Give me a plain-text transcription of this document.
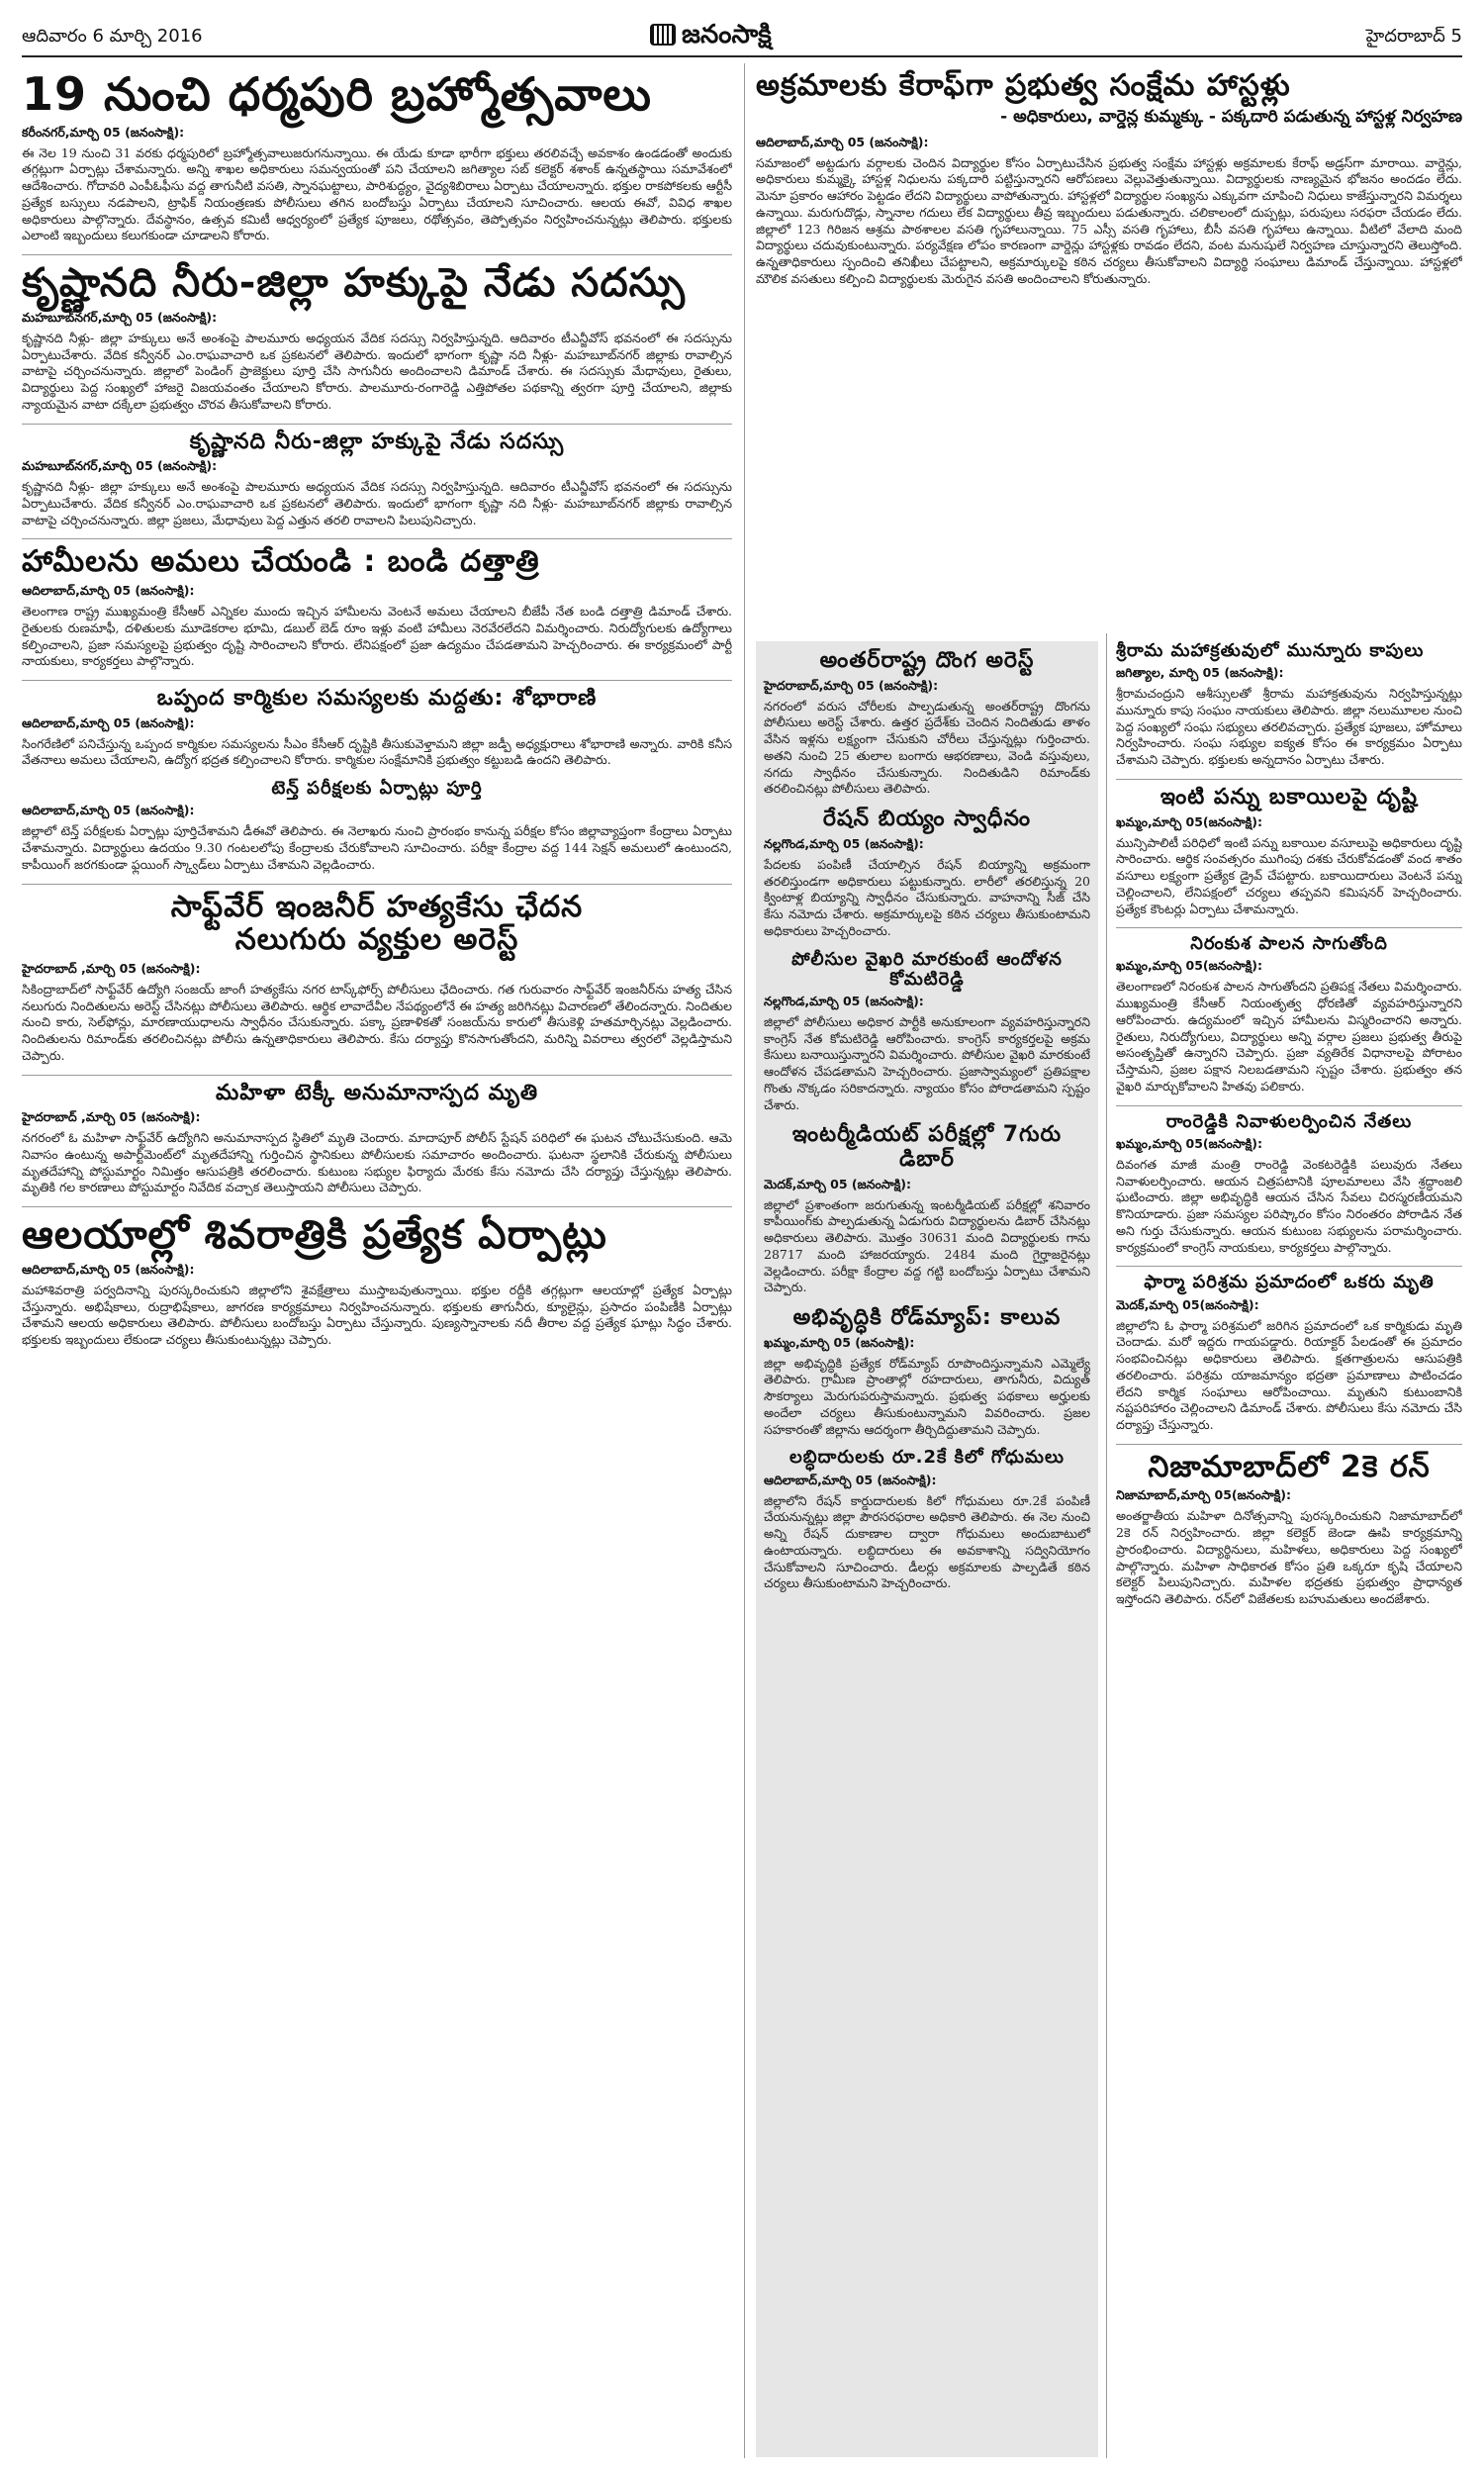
ఆదివారం 6 మార్చి 2016	జనంసాక్షి	హైదరాబాద్ 5
19 నుంచి ధర్మపురి బ్రహ్మోత్సవాలు
కరీంనగర్,మార్చి 05 (జనంసాక్షి):
ఈ నెల 19 నుంచి 31 వరకు ధర్మపురిలో బ్రహ్మోత్సవాలుజరుగనున్నాయి. ఈ యేడు కూడా భారీగా భక్తులు తరలివచ్చే అవకాశం ఉండడంతో అందుకు తగ్గట్లుగా ఏర్పాట్లు చేశామన్నారు. అన్ని శాఖల అధికారులు సమన్వయంతో పని చేయాలని జగిత్యాల సబ్ కలెక్టర్ శశాంక్ ఉన్నతస్థాయి సమావేశంలో ఆదేశించారు. గోదావరి ఎంపీఓఫీసు వద్ద తాగునీటి వసతి, స్నానఘట్టాలు, పారిశుద్ధ్యం, వైద్యశిబిరాలు ఏర్పాటు చేయాలన్నారు. భక్తుల రాకపోకలకు ఆర్టీసీ ప్రత్యేక బస్సులు నడపాలని, ట్రాఫిక్ నియంత్రణకు పోలీసులు తగిన బందోబస్తు ఏర్పాటు చేయాలని సూచించారు. ఆలయ ఈవో, వివిధ శాఖల అధికారులు పాల్గొన్నారు. దేవస్థానం, ఉత్సవ కమిటీ ఆధ్వర్యంలో ప్రత్యేక పూజలు, రథోత్సవం, తెప్పోత్సవం నిర్వహించనున్నట్లు తెలిపారు. భక్తులకు ఎలాంటి ఇబ్బందులు కలుగకుండా చూడాలని కోరారు.
కృష్ణానది నీరు-జిల్లా హక్కుపై నేడు సదస్సు
మహబూబ్‌నగర్,మార్చి 05 (జనంసాక్షి):
కృష్ణానది నీళ్లు- జిల్లా హక్కులు అనే అంశంపై పాలమూరు అధ్యయన వేదిక సదస్సు నిర్వహిస్తున్నది. ఆదివారం టీఎన్జీవోస్ భవనంలో ఈ సదస్సును ఏర్పాటుచేశారు. వేదిక కన్వీనర్ ఎం.రాఘవాచారి ఒక ప్రకటనలో తెలిపారు. ఇందులో భాగంగా కృష్ణా నది నీళ్లు- మహబూబ్‌నగర్ జిల్లాకు రావాల్సిన వాటాపై చర్చించనున్నారు. జిల్లాలో పెండింగ్ ప్రాజెక్టులు పూర్తి చేసి సాగునీరు అందించాలని డిమాండ్ చేశారు. ఈ సదస్సుకు మేధావులు, రైతులు, విద్యార్థులు పెద్ద సంఖ్యలో హాజరై విజయవంతం చేయాలని కోరారు. పాలమూరు-రంగారెడ్డి ఎత్తిపోతల పథకాన్ని త్వరగా పూర్తి చేయాలని, జిల్లాకు న్యాయమైన వాటా దక్కేలా ప్రభుత్వం చొరవ తీసుకోవాలని కోరారు.
కృష్ణానది నీరు-జిల్లా హక్కుపై నేడు సదస్సు
మహబూబ్‌నగర్,మార్చి 05 (జనంసాక్షి):
కృష్ణానది నీళ్లు- జిల్లా హక్కులు అనే అంశంపై పాలమూరు అధ్యయన వేదిక సదస్సు నిర్వహిస్తున్నది. ఆదివారం టీఎన్జీవోస్ భవనంలో ఈ సదస్సును ఏర్పాటుచేశారు. వేదిక కన్వీనర్ ఎం.రాఘవాచారి ఒక ప్రకటనలో తెలిపారు. ఇందులో భాగంగా కృష్ణా నది నీళ్లు- మహబూబ్‌నగర్ జిల్లాకు రావాల్సిన వాటాపై చర్చించనున్నారు. జిల్లా ప్రజలు, మేధావులు పెద్ద ఎత్తున తరలి రావాలని పిలుపునిచ్చారు.
హామీలను అమలు చేయండి : బండి దత్తాత్రి
ఆదిలాబాద్,మార్చి 05 (జనంసాక్షి):
తెలంగాణ రాష్ట్ర ముఖ్యమంత్రి కేసీఆర్ ఎన్నికల ముందు ఇచ్చిన హామీలను వెంటనే అమలు చేయాలని బీజేపీ నేత బండి దత్తాత్రి డిమాండ్ చేశారు. రైతులకు రుణమాఫీ, దళితులకు మూడెకరాల భూమి, డబుల్ బెడ్ రూం ఇళ్లు వంటి హామీలు నెరవేరలేదని విమర్శించారు. నిరుద్యోగులకు ఉద్యోగాలు కల్పించాలని, ప్రజా సమస్యలపై ప్రభుత్వం దృష్టి సారించాలని కోరారు. లేనిపక్షంలో ప్రజా ఉద్యమం చేపడతామని హెచ్చరించారు. ఈ కార్యక్రమంలో పార్టీ నాయకులు, కార్యకర్తలు పాల్గొన్నారు.
ఒప్పంద కార్మికుల సమస్యలకు మద్దతు: శోభారాణి
ఆదిలాబాద్,మార్చి 05 (జనంసాక్షి):
సింగరేణిలో పనిచేస్తున్న ఒప్పంద కార్మికుల సమస్యలను సీఎం కేసీఆర్ దృష్టికి తీసుకువెళ్తామని జిల్లా జడ్పీ అధ్యక్షురాలు శోభారాణి అన్నారు. వారికి కనీస వేతనాలు అమలు చేయాలని, ఉద్యోగ భద్రత కల్పించాలని కోరారు. కార్మికుల సంక్షేమానికి ప్రభుత్వం కట్టుబడి ఉందని తెలిపారు.
టెన్త్ పరీక్షలకు ఏర్పాట్లు పూర్తి
ఆదిలాబాద్,మార్చి 05 (జనంసాక్షి):
జిల్లాలో టెన్త్ పరీక్షలకు ఏర్పాట్లు పూర్తిచేశామని డీఈవో తెలిపారు. ఈ నెలాఖరు నుంచి ప్రారంభం కానున్న పరీక్షల కోసం జిల్లావ్యాప్తంగా కేంద్రాలు ఏర్పాటు చేశామన్నారు. విద్యార్థులు ఉదయం 9.30 గంటలలోపు కేంద్రాలకు చేరుకోవాలని సూచించారు. పరీక్షా కేంద్రాల వద్ద 144 సెక్షన్ అమలులో ఉంటుందని, కాపీయింగ్ జరగకుండా ఫ్లయింగ్ స్క్వాడ్‌లు ఏర్పాటు చేశామని వెల్లడించారు.
సాఫ్ట్‌వేర్ ఇంజనీర్ హత్యకేసు ఛేదన
నలుగురు వ్యక్తుల అరెస్ట్
హైదరాబాద్ ,మార్చి 05 (జనంసాక్షి):
సికింద్రాబాద్‌లో సాఫ్ట్‌వేర్ ఉద్యోగి సంజయ్ జాంగీ హత్యకేసు నగర టాస్క్‌ఫోర్స్ పోలీసులు ఛేదించారు. గత గురువారం సాఫ్ట్‌వేర్ ఇంజనీర్‌ను హత్య చేసిన నలుగురు నిందితులను అరెస్ట్ చేసినట్లు పోలీసులు తెలిపారు. ఆర్థిక లావాదేవీల నేపథ్యంలోనే ఈ హత్య జరిగినట్లు విచారణలో తేలిందన్నారు. నిందితుల నుంచి కారు, సెల్‌ఫోన్లు, మారణాయుధాలను స్వాధీనం చేసుకున్నారు. పక్కా ప్రణాళికతో సంజయ్‌ను కారులో తీసుకెళ్లి హతమార్చినట్లు వెల్లడించారు. నిందితులను రిమాండ్‌కు తరలించినట్లు పోలీసు ఉన్నతాధికారులు తెలిపారు. కేసు దర్యాప్తు కొనసాగుతోందని, మరిన్ని వివరాలు త్వరలో వెల్లడిస్తామని చెప్పారు.
మహిళా టెక్కీ అనుమానాస్పద మృతి
హైదరాబాద్ ,మార్చి 05 (జనంసాక్షి):
నగరంలో ఓ మహిళా సాఫ్ట్‌వేర్ ఉద్యోగిని అనుమానాస్పద స్థితిలో మృతి చెందారు. మాదాపూర్ పోలీస్ స్టేషన్ పరిధిలో ఈ ఘటన చోటుచేసుకుంది. ఆమె నివాసం ఉంటున్న అపార్ట్‌మెంట్‌లో మృతదేహాన్ని గుర్తించిన స్థానికులు పోలీసులకు సమాచారం అందించారు. ఘటనా స్థలానికి చేరుకున్న పోలీసులు మృతదేహాన్ని పోస్టుమార్టం నిమిత్తం ఆసుపత్రికి తరలించారు. కుటుంబ సభ్యుల ఫిర్యాదు మేరకు కేసు నమోదు చేసి దర్యాప్తు చేస్తున్నట్లు తెలిపారు. మృతికి గల కారణాలు పోస్టుమార్టం నివేదిక వచ్చాక తెలుస్తాయని పోలీసులు చెప్పారు.
ఆలయాల్లో శివరాత్రికి ప్రత్యేక ఏర్పాట్లు
ఆదిలాబాద్,మార్చి 05 (జనంసాక్షి):
మహాశివరాత్రి పర్వదినాన్ని పురస్కరించుకుని జిల్లాలోని శైవక్షేత్రాలు ముస్తాబవుతున్నాయి. భక్తుల రద్దీకి తగ్గట్లుగా ఆలయాల్లో ప్రత్యేక ఏర్పాట్లు చేస్తున్నారు. అభిషేకాలు, రుద్రాభిషేకాలు, జాగరణ కార్యక్రమాలు నిర్వహించనున్నారు. భక్తులకు తాగునీరు, క్యూలైన్లు, ప్రసాదం పంపిణీకి ఏర్పాట్లు చేశామని ఆలయ అధికారులు తెలిపారు. పోలీసులు బందోబస్తు ఏర్పాటు చేస్తున్నారు. పుణ్యస్నానాలకు నదీ తీరాల వద్ద ప్రత్యేక ఘాట్లు సిద్ధం చేశారు. భక్తులకు ఇబ్బందులు లేకుండా చర్యలు తీసుకుంటున్నట్లు చెప్పారు.
అక్రమాలకు కేరాఫ్‌గా ప్రభుత్వ సంక్షేమ హాస్టళ్లు
- అధికారులు, వార్డెన్ల కుమ్మక్కు - పక్కదారి పడుతున్న హాస్టళ్ల నిర్వహణ
ఆదిలాబాద్,మార్చి 05 (జనంసాక్షి):
సమాజంలో అట్టడుగు వర్గాలకు చెందిన విద్యార్థుల కోసం ఏర్పాటుచేసిన ప్రభుత్వ సంక్షేమ హాస్టళ్లు అక్రమాలకు కేరాఫ్ అడ్రస్‌గా మారాయి. వార్డెన్లు, అధికారులు కుమ్మక్కై హాస్టళ్ల నిధులను పక్కదారి పట్టిస్తున్నారని ఆరోపణలు వెల్లువెత్తుతున్నాయి. విద్యార్థులకు నాణ్యమైన భోజనం అందడం లేదు. మెనూ ప్రకారం ఆహారం పెట్టడం లేదని విద్యార్థులు వాపోతున్నారు. హాస్టళ్లలో విద్యార్థుల సంఖ్యను ఎక్కువగా చూపించి నిధులు కాజేస్తున్నారని విమర్శలు ఉన్నాయి. మరుగుదొడ్లు, స్నానాల గదులు లేక విద్యార్థులు తీవ్ర ఇబ్బందులు పడుతున్నారు. చలికాలంలో దుప్పట్లు, పరుపులు సరఫరా చేయడం లేదు. జిల్లాలో 123 గిరిజన ఆశ్రమ పాఠశాలల వసతి గృహాలున్నాయి. 75 ఎస్సీ వసతి గృహాలు, బీసీ వసతి గృహాలు ఉన్నాయి. వీటిలో వేలాది మంది విద్యార్థులు చదువుకుంటున్నారు. పర్యవేక్షణ లోపం కారణంగా వార్డెన్లు హాస్టళ్లకు రావడం లేదని, వంట మనుషులే నిర్వహణ చూస్తున్నారని తెలుస్తోంది. ఉన్నతాధికారులు స్పందించి తనిఖీలు చేపట్టాలని, అక్రమార్కులపై కఠిన చర్యలు తీసుకోవాలని విద్యార్థి సంఘాలు డిమాండ్ చేస్తున్నాయి. హాస్టళ్లలో మౌలిక వసతులు కల్పించి విద్యార్థులకు మెరుగైన వసతి అందించాలని కోరుతున్నారు.
అంతర్‌రాష్ట్ర దొంగ అరెస్ట్
హైదరాబాద్,మార్చి 05 (జనంసాక్షి):
నగరంలో వరుస చోరీలకు పాల్పడుతున్న అంతర్‌రాష్ట్ర దొంగను పోలీసులు అరెస్ట్ చేశారు. ఉత్తర ప్రదేశ్‌కు చెందిన నిందితుడు తాళం వేసిన ఇళ్లను లక్ష్యంగా చేసుకుని చోరీలు చేస్తున్నట్లు గుర్తించారు. అతని నుంచి 25 తులాల బంగారు ఆభరణాలు, వెండి వస్తువులు, నగదు స్వాధీనం చేసుకున్నారు. నిందితుడిని రిమాండ్‌కు తరలించినట్లు పోలీసులు తెలిపారు.
రేషన్ బియ్యం స్వాధీనం
నల్లగొండ,మార్చి 05 (జనంసాక్షి):
పేదలకు పంపిణీ చేయాల్సిన రేషన్ బియ్యాన్ని అక్రమంగా తరలిస్తుండగా అధికారులు పట్టుకున్నారు. లారీలో తరలిస్తున్న 20 క్వింటాళ్ల బియ్యాన్ని స్వాధీనం చేసుకున్నారు. వాహనాన్ని సీజ్ చేసి కేసు నమోదు చేశారు. అక్రమార్కులపై కఠిన చర్యలు తీసుకుంటామని అధికారులు హెచ్చరించారు.
పోలీసుల వైఖరి మారకుంటే ఆందోళన కోమటిరెడ్డి
నల్లగొండ,మార్చి 05 (జనంసాక్షి):
జిల్లాలో పోలీసులు అధికార పార్టీకి అనుకూలంగా వ్యవహరిస్తున్నారని కాంగ్రెస్ నేత కోమటిరెడ్డి ఆరోపించారు. కాంగ్రెస్ కార్యకర్తలపై అక్రమ కేసులు బనాయిస్తున్నారని విమర్శించారు. పోలీసుల వైఖరి మారకుంటే ఆందోళన చేపడతామని హెచ్చరించారు. ప్రజాస్వామ్యంలో ప్రతిపక్షాల గొంతు నొక్కడం సరికాదన్నారు. న్యాయం కోసం పోరాడతామని స్పష్టం చేశారు.
ఇంటర్మీడియట్ పరీక్షల్లో 7గురు డిబార్
మెదక్,మార్చి 05 (జనంసాక్షి):
జిల్లాలో ప్రశాంతంగా జరుగుతున్న ఇంటర్మీడియట్ పరీక్షల్లో శనివారం కాపీయింగ్‌కు పాల్పడుతున్న ఏడుగురు విద్యార్థులను డిబార్ చేసినట్లు అధికారులు తెలిపారు. మొత్తం 30631 మంది విద్యార్థులకు గాను 28717 మంది హాజరయ్యారు. 2484 మంది గైర్హాజరైనట్లు వెల్లడించారు. పరీక్షా కేంద్రాల వద్ద గట్టి బందోబస్తు ఏర్పాటు చేశామని చెప్పారు.
అభివృద్ధికి రోడ్‌మ్యాప్: కాలువ
ఖమ్మం,మార్చి 05 (జనంసాక్షి):
జిల్లా అభివృద్ధికి ప్రత్యేక రోడ్‌మ్యాప్ రూపొందిస్తున్నామని ఎమ్మెల్యే తెలిపారు. గ్రామీణ ప్రాంతాల్లో రహదారులు, తాగునీరు, విద్యుత్ సౌకర్యాలు మెరుగుపరుస్తామన్నారు. ప్రభుత్వ పథకాలు అర్హులకు అందేలా చర్యలు తీసుకుంటున్నామని వివరించారు. ప్రజల సహకారంతో జిల్లాను ఆదర్శంగా తీర్చిదిద్దుతామని చెప్పారు.
లబ్ధిదారులకు రూ.2కే కిలో గోధుమలు
ఆదిలాబాద్,మార్చి 05 (జనంసాక్షి):
జిల్లాలోని రేషన్ కార్డుదారులకు కిలో గోధుమలు రూ.2కే పంపిణీ చేయనున్నట్లు జిల్లా పౌరసరఫరాల అధికారి తెలిపారు. ఈ నెల నుంచి అన్ని రేషన్ దుకాణాల ద్వారా గోధుమలు అందుబాటులో ఉంటాయన్నారు. లబ్ధిదారులు ఈ అవకాశాన్ని సద్వినియోగం చేసుకోవాలని సూచించారు. డీలర్లు అక్రమాలకు పాల్పడితే కఠిన చర్యలు తీసుకుంటామని హెచ్చరించారు.
శ్రీరామ మహాక్రతువులో మున్నూరు కాపులు
జగిత్యాల, మార్చి 05 (జనంసాక్షి):
శ్రీరామచంద్రుని ఆశీస్సులతో శ్రీరామ మహాక్రతువును నిర్వహిస్తున్నట్లు మున్నూరు కాపు సంఘం నాయకులు తెలిపారు. జిల్లా నలుమూలల నుంచి పెద్ద సంఖ్యలో సంఘ సభ్యులు తరలివచ్చారు. ప్రత్యేక పూజలు, హోమాలు నిర్వహించారు. సంఘ సభ్యుల ఐక్యత కోసం ఈ కార్యక్రమం ఏర్పాటు చేశామని చెప్పారు. భక్తులకు అన్నదానం ఏర్పాటు చేశారు.
ఇంటి పన్ను బకాయిలపై దృష్టి
ఖమ్మం,మార్చి 05(జనంసాక్షి):
మున్సిపాలిటీ పరిధిలో ఇంటి పన్ను బకాయిల వసూలుపై అధికారులు దృష్టి సారించారు. ఆర్థిక సంవత్సరం ముగింపు దశకు చేరుకోవడంతో వంద శాతం వసూలు లక్ష్యంగా ప్రత్యేక డ్రైవ్ చేపట్టారు. బకాయిదారులు వెంటనే పన్ను చెల్లించాలని, లేనిపక్షంలో చర్యలు తప్పవని కమిషనర్ హెచ్చరించారు. ప్రత్యేక కౌంటర్లు ఏర్పాటు చేశామన్నారు.
నిరంకుశ పాలన సాగుతోంది
ఖమ్మం,మార్చి 05(జనంసాక్షి):
తెలంగాణలో నిరంకుశ పాలన సాగుతోందని ప్రతిపక్ష నేతలు విమర్శించారు. ముఖ్యమంత్రి కేసీఆర్ నియంతృత్వ ధోరణితో వ్యవహరిస్తున్నారని ఆరోపించారు. ఉద్యమంలో ఇచ్చిన హామీలను విస్మరించారని అన్నారు. రైతులు, నిరుద్యోగులు, విద్యార్థులు అన్ని వర్గాల ప్రజలు ప్రభుత్వ తీరుపై అసంతృప్తితో ఉన్నారని చెప్పారు. ప్రజా వ్యతిరేక విధానాలపై పోరాటం చేస్తామని, ప్రజల పక్షాన నిలబడతామని స్పష్టం చేశారు. ప్రభుత్వం తన వైఖరి మార్చుకోవాలని హితవు పలికారు.
రాంరెడ్డికి నివాళులర్పించిన నేతలు
ఖమ్మం,మార్చి 05(జనంసాక్షి):
దివంగత మాజీ మంత్రి రాంరెడ్డి వెంకటరెడ్డికి పలువురు నేతలు నివాళులర్పించారు. ఆయన చిత్రపటానికి పూలమాలలు వేసి శ్రద్ధాంజలి ఘటించారు. జిల్లా అభివృద్ధికి ఆయన చేసిన సేవలు చిరస్మరణీయమని కొనియాడారు. ప్రజా సమస్యల పరిష్కారం కోసం నిరంతరం పోరాడిన నేత అని గుర్తు చేసుకున్నారు. ఆయన కుటుంబ సభ్యులను పరామర్శించారు. కార్యక్రమంలో కాంగ్రెస్ నాయకులు, కార్యకర్తలు పాల్గొన్నారు.
ఫార్మా పరిశ్రమ ప్రమాదంలో ఒకరు మృతి
మెదక్,మార్చి 05(జనంసాక్షి):
జిల్లాలోని ఓ ఫార్మా పరిశ్రమలో జరిగిన ప్రమాదంలో ఒక కార్మికుడు మృతి చెందాడు. మరో ఇద్దరు గాయపడ్డారు. రియాక్టర్ పేలడంతో ఈ ప్రమాదం సంభవించినట్లు అధికారులు తెలిపారు. క్షతగాత్రులను ఆసుపత్రికి తరలించారు. పరిశ్రమ యాజమాన్యం భద్రతా ప్రమాణాలు పాటించడం లేదని కార్మిక సంఘాలు ఆరోపించాయి. మృతుని కుటుంబానికి నష్టపరిహారం చెల్లించాలని డిమాండ్ చేశారు. పోలీసులు కేసు నమోదు చేసి దర్యాప్తు చేస్తున్నారు.
నిజామాబాద్‌లో 2కె రన్
నిజామాబాద్,మార్చి 05(జనంసాక్షి):
అంతర్జాతీయ మహిళా దినోత్సవాన్ని పురస్కరించుకుని నిజామాబాద్‌లో 2కె రన్ నిర్వహించారు. జిల్లా కలెక్టర్ జెండా ఊపి కార్యక్రమాన్ని ప్రారంభించారు. విద్యార్థినులు, మహిళలు, అధికారులు పెద్ద సంఖ్యలో పాల్గొన్నారు. మహిళా సాధికారత కోసం ప్రతి ఒక్కరూ కృషి చేయాలని కలెక్టర్ పిలుపునిచ్చారు. మహిళల భద్రతకు ప్రభుత్వం ప్రాధాన్యత ఇస్తోందని తెలిపారు. రన్‌లో విజేతలకు బహుమతులు అందజేశారు.
